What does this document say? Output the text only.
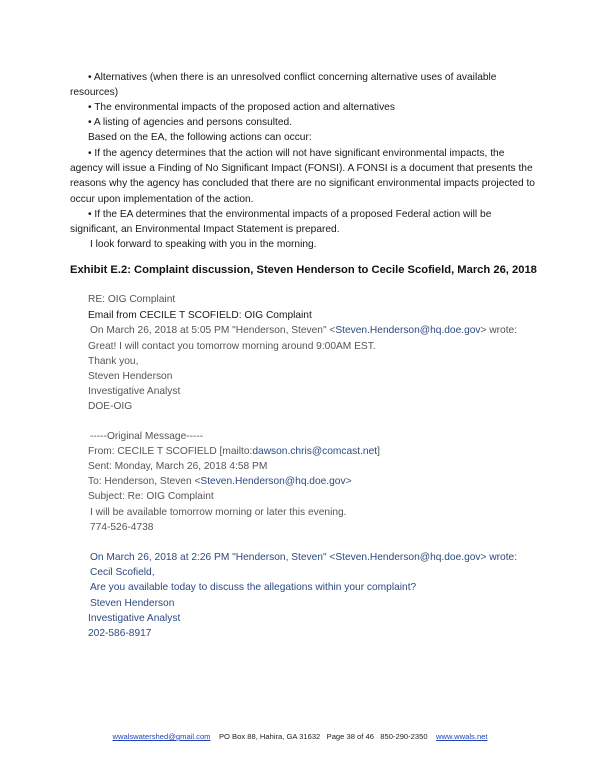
• Alternatives (when there is an unresolved conflict concerning alternative uses of available resources)

• The environmental impacts of the proposed action and alternatives

• A listing of agencies and persons consulted.

Based on the EA, the following actions can occur:

• If the agency determines that the action will not have significant environmental impacts, the agency will issue a Finding of No Significant Impact (FONSI). A FONSI is a document that presents the reasons why the agency has concluded that there are no significant environmental impacts projected to occur upon implementation of the action.

• If the EA determines that the environmental impacts of a proposed Federal action will be significant, an Environmental Impact Statement is prepared.

I look forward to speaking with you in the morning.

Exhibit E.2: Complaint discussion, Steven Henderson to Cecile Scofield, March 26, 2018

RE: OIG Complaint

Email from CECILE T SCOFIELD: OIG Complaint

On March 26, 2018 at 5:05 PM "Henderson, Steven" <Steven.Henderson@hq.doe.gov> wrote:

Great! I will contact you tomorrow morning around 9:00AM EST.

Thank you,

Steven Henderson

Investigative Analyst

DOE-OIG

-----Original Message-----

From: CECILE T SCOFIELD [mailto:dawson.chris@comcast.net]

Sent: Monday, March 26, 2018 4:58 PM

To: Henderson, Steven <Steven.Henderson@hq.doe.gov>

Subject: Re: OIG Complaint

I will be available tomorrow morning or later this evening.

774-526-4738

On March 26, 2018 at 2:26 PM "Henderson, Steven" <Steven.Henderson@hq.doe.gov> wrote:

Cecil Scofield,

Are you available today to discuss the allegations within your complaint?

Steven Henderson

Investigative Analyst

202-586-8917

wwalswatershed@gmail.com PO Box 88, Hahira, GA 31632 Page 38 of 46 850-290-2350 www.wwals.net
